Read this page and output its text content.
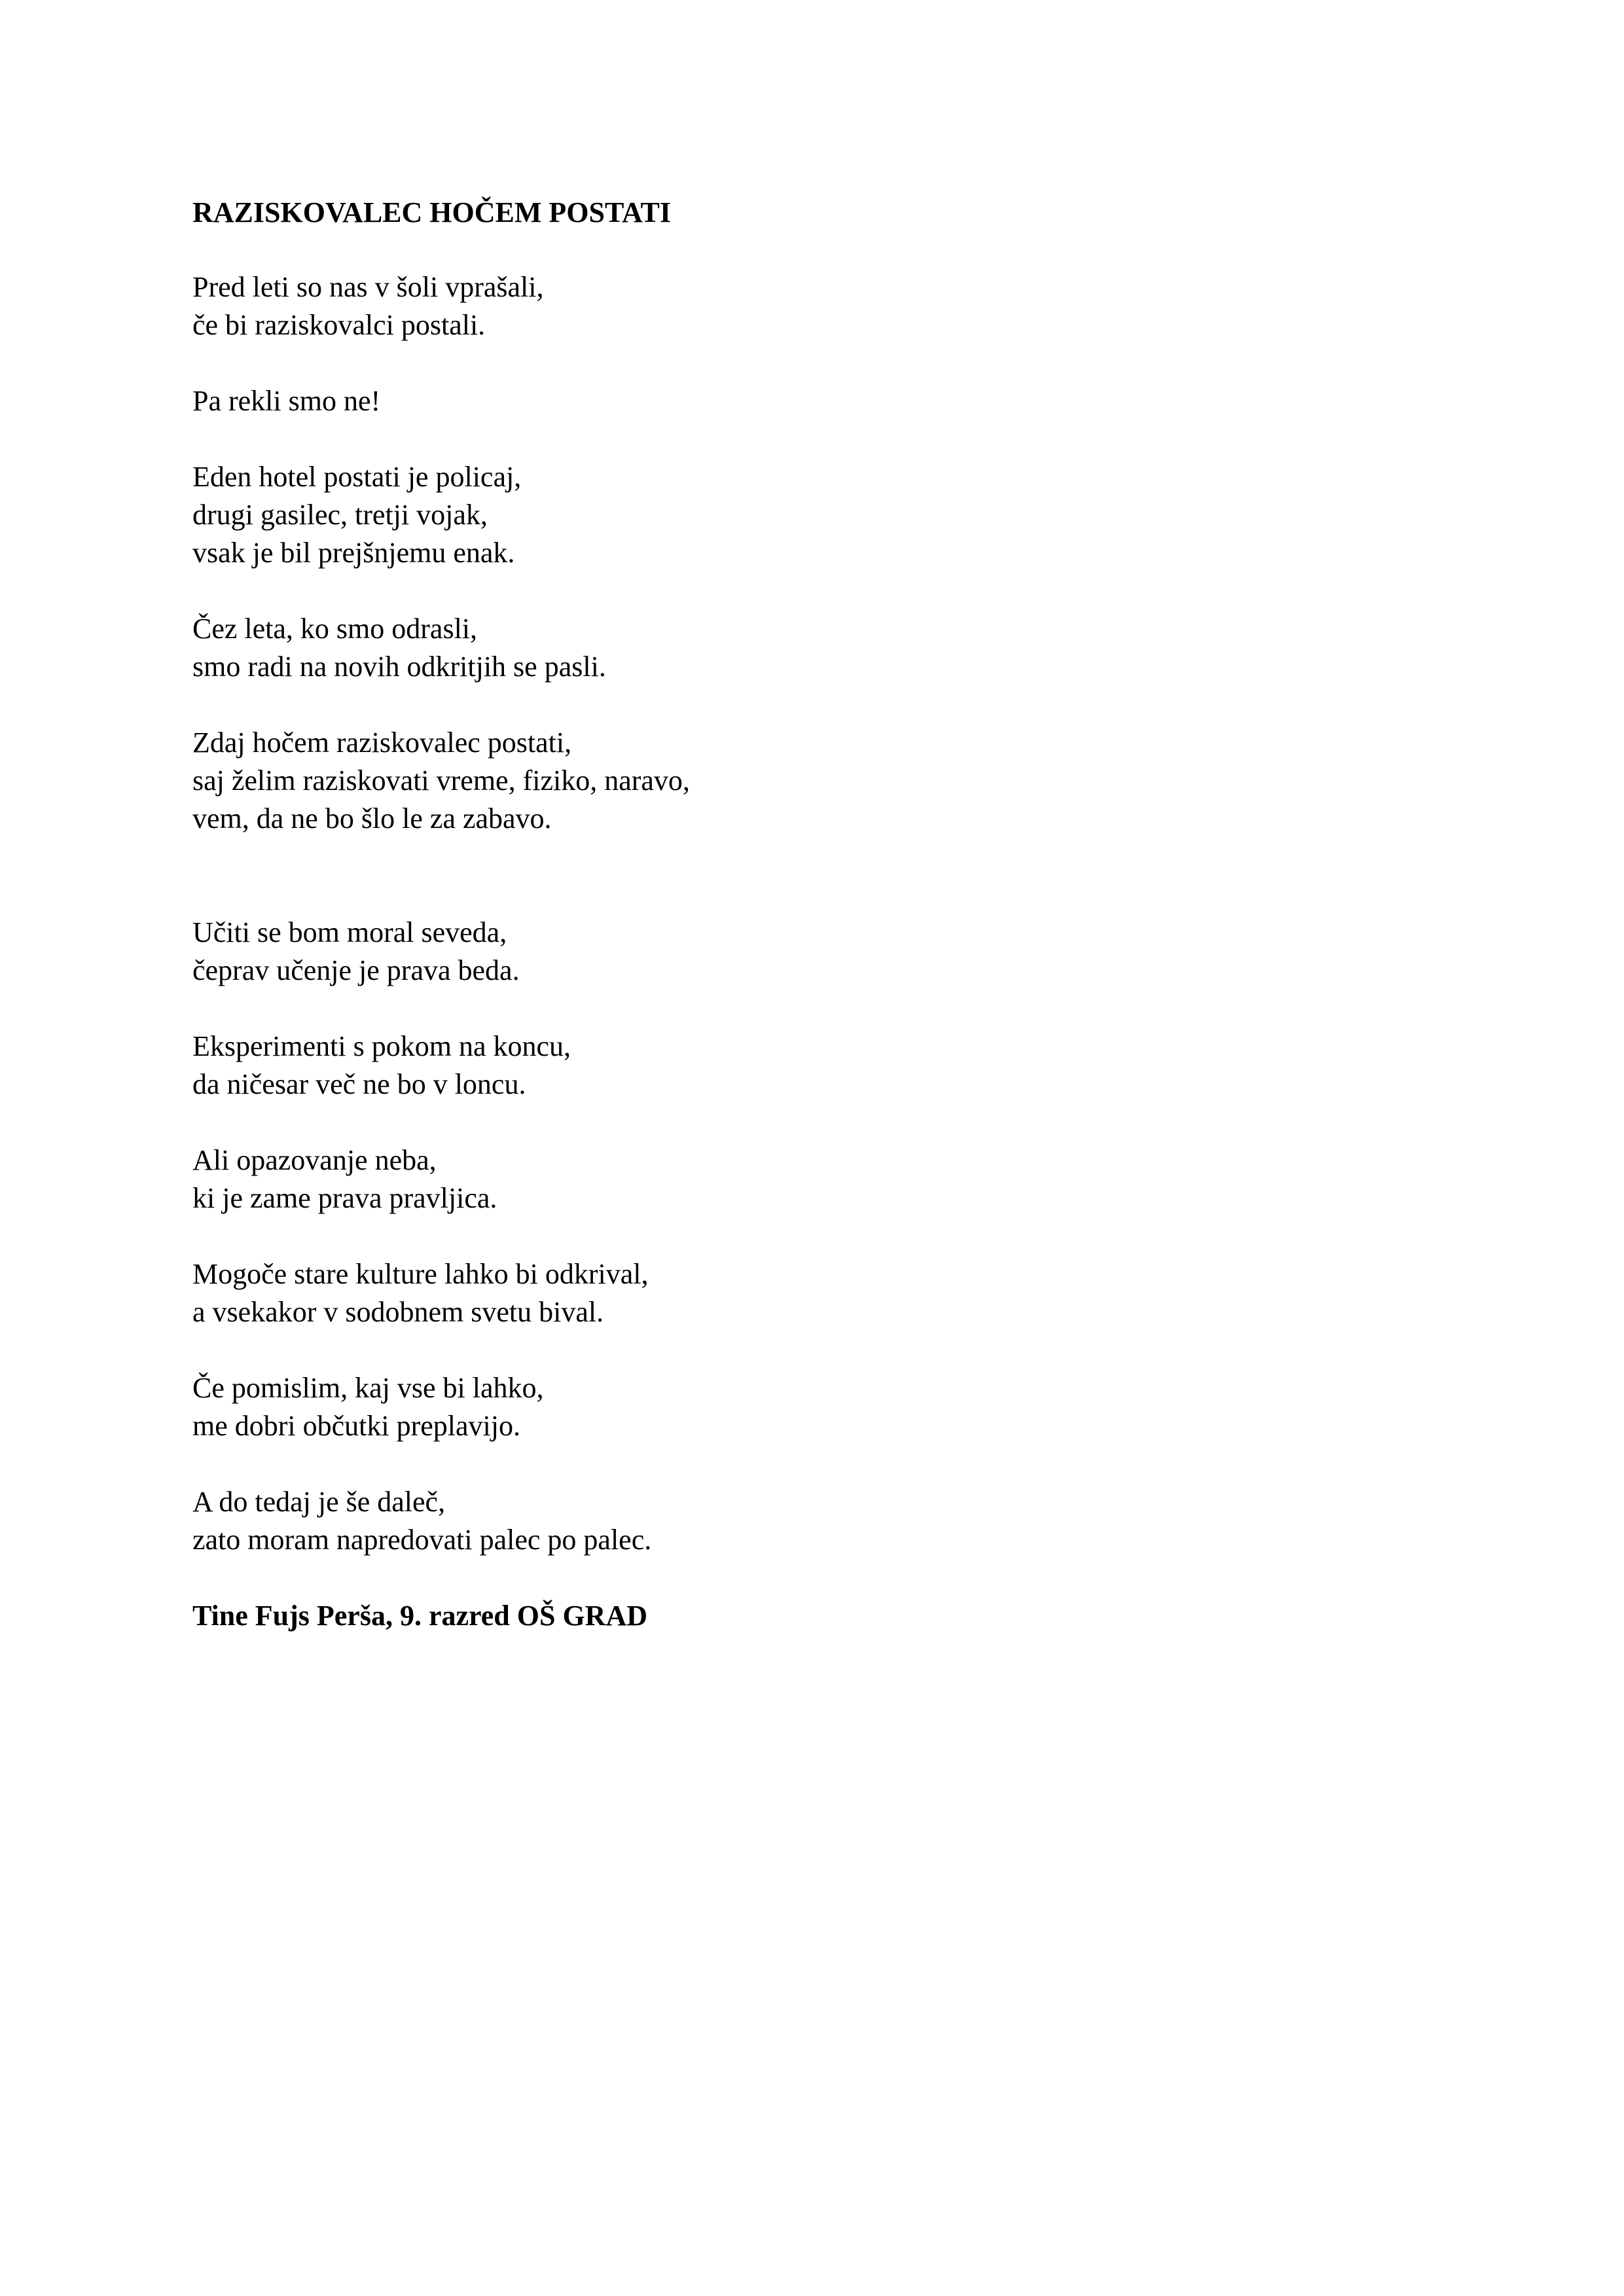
RAZISKOVALEC HOČEM POSTATI
Pred leti so nas v šoli vprašali,
če bi raziskovalci postali.
Pa rekli smo ne!
Eden hotel postati je policaj,
drugi gasilec, tretji vojak,
vsak je bil prejšnjemu enak.
Čez leta, ko smo odrasli,
smo radi na novih odkritjih se pasli.
Zdaj hočem raziskovalec postati,
saj želim raziskovati vreme, fiziko, naravo,
vem, da ne bo šlo le za zabavo.
Učiti se bom moral seveda,
čeprav učenje je prava beda.
Eksperimenti s pokom na koncu,
da ničesar več ne bo v loncu.
Ali opazovanje neba,
ki je zame prava pravljica.
Mogoče stare kulture lahko bi odkrival,
a vsekakor v sodobnem svetu bival.
Če pomislim, kaj vse bi lahko,
me dobri občutki preplavijo.
A do tedaj je še daleč,
zato moram napredovati palec po palec.

Tine Fujs Perša, 9. razred OŠ GRAD
